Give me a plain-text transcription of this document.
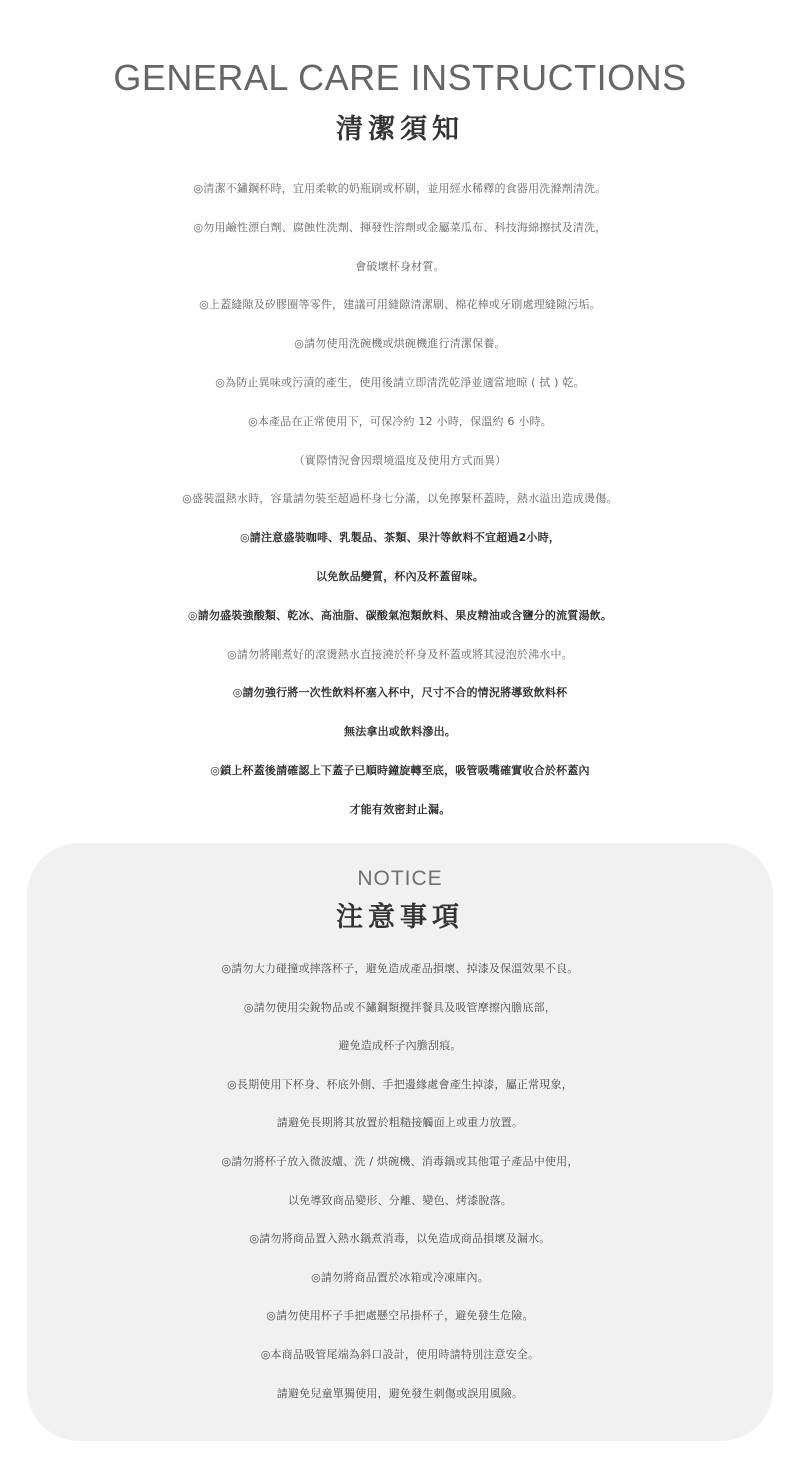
GENERAL CARE INSTRUCTIONS
清潔須知
◎清潔不鏽鋼杯時，宜用柔軟的奶瓶刷或杯刷，並用經水稀釋的食器用洗滌劑清洗。
◎勿用鹼性漂白劑、腐蝕性洗劑、揮發性溶劑或金屬菜瓜布、科技海綿擦拭及清洗，
會破壞杯身材質。
◎上蓋縫隙及矽膠圈等零件，建議可用縫隙清潔刷、棉花棒或牙刷處理縫隙污垢。
◎請勿使用洗碗機或烘碗機進行清潔保養。
◎為防止異味或污漬的產生，使用後請立即清洗乾淨並適當地晾 ( 拭 ) 乾。
◎本產品在正常使用下，可保冷約 12 小時，保溫約 6 小時。
（實際情況會因環境溫度及使用方式而異）
◎盛裝溫熱水時，容量請勿裝至超過杯身七分滿，以免擰緊杯蓋時，熱水溢出造成燙傷。
◎請注意盛裝咖啡、乳製品、茶類、果汁等飲料不宜超過2小時，
以免飲品變質，杯內及杯蓋留味。
◎請勿盛裝強酸類、乾冰、高油脂、碳酸氣泡類飲料、果皮精油或含鹽分的流質湯飲。
◎請勿將剛煮好的滾燙熱水直接澆於杯身及杯蓋或將其浸泡於沸水中。
◎請勿強行將一次性飲料杯塞入杯中，尺寸不合的情況將導致飲料杯
無法拿出或飲料滲出。
◎鎖上杯蓋後請確認上下蓋子已順時鐘旋轉至底，吸管吸嘴確實收合於杯蓋內
才能有效密封止漏。
NOTICE
注意事項
◎請勿大力碰撞或摔落杯子，避免造成產品損壞、掉漆及保溫效果不良。
◎請勿使用尖銳物品或不鏽鋼類攪拌餐具及吸管摩擦內膽底部，
避免造成杯子內膽刮痕。
◎長期使用下杯身、杯底外側、手把邊緣處會產生掉漆，屬正常現象，
請避免長期將其放置於粗糙接觸面上或重力放置。
◎請勿將杯子放入微波爐、洗 / 烘碗機、消毒鍋或其他電子產品中使用，
以免導致商品變形、分離、變色、烤漆脫落。
◎請勿將商品置入熱水鍋煮消毒，以免造成商品損壞及漏水。
◎請勿將商品置於冰箱或冷凍庫內。
◎請勿使用杯子手把處懸空吊掛杯子，避免發生危險。
◎本商品吸管尾端為斜口設計，使用時請特別注意安全。
請避免兒童單獨使用，避免發生刺傷或誤用風險。
